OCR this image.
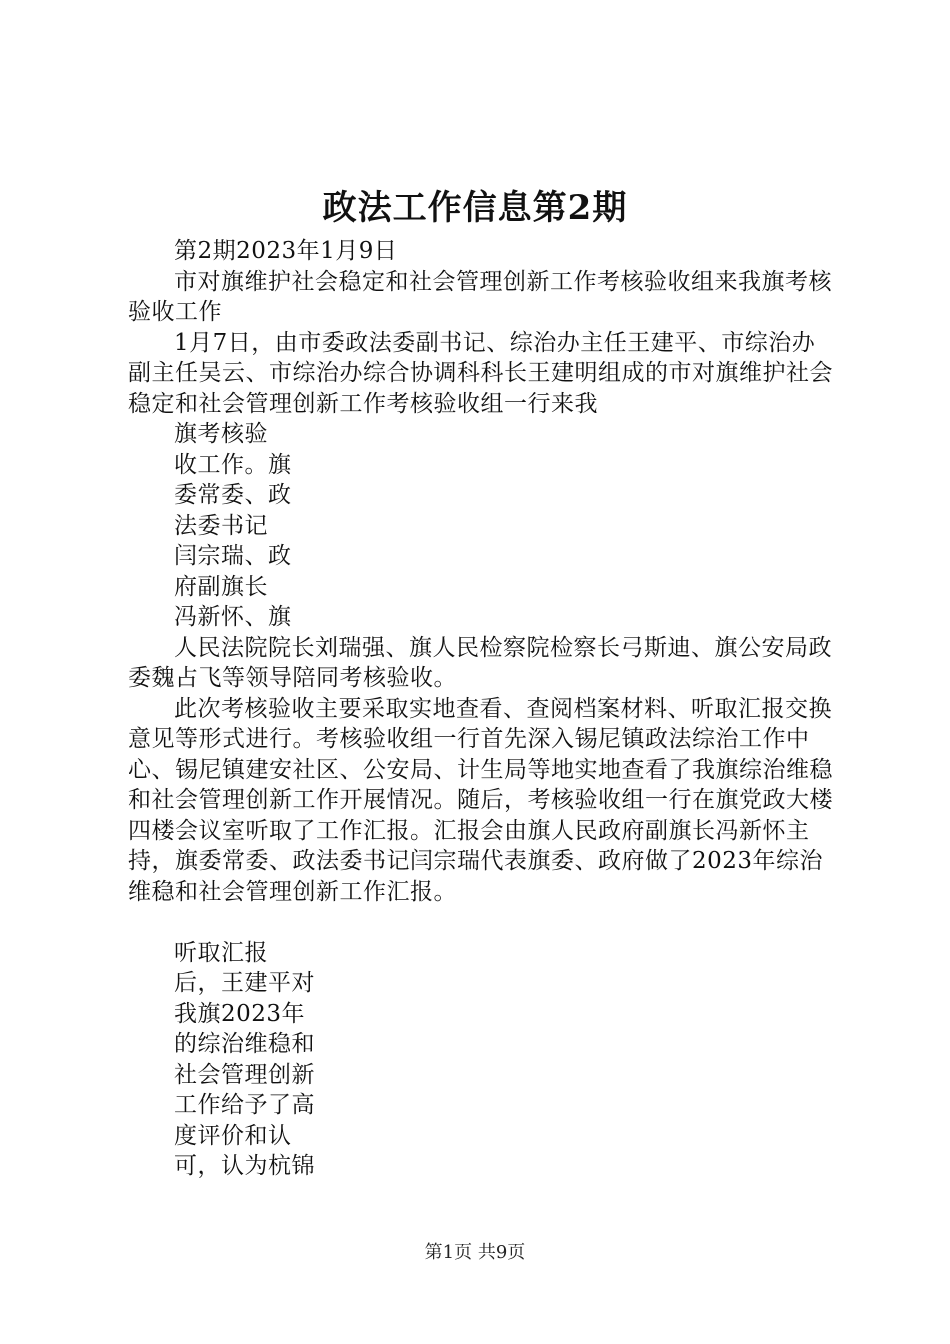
政法工作信息第2期

第2期2023年1月9日

市对旗维护社会稳定和社会管理创新工作考核验收组来我旗考核验收工作

1月7日，由市委政法委副书记、综治办主任王建平、市综治办副主任吴云、市综治办综合协调科科长王建明组成的市对旗维护社会稳定和社会管理创新工作考核验收组一行来我

旗考核验

收工作。旗

委常委、政

法委书记

闫宗瑞、政

府副旗长

冯新怀、旗

人民法院院长刘瑞强、旗人民检察院检察长弓斯迪、旗公安局政委魏占飞等领导陪同考核验收。

此次考核验收主要采取实地查看、查阅档案材料、听取汇报交换意见等形式进行。考核验收组一行首先深入锡尼镇政法综治工作中心、锡尼镇建安社区、公安局、计生局等地实地查看了我旗综治维稳和社会管理创新工作开展情况。随后，考核验收组一行在旗党政大楼四楼会议室听取了工作汇报。汇报会由旗人民政府副旗长冯新怀主持，旗委常委、政法委书记闫宗瑞代表旗委、政府做了2023年综治维稳和社会管理创新工作汇报。

听取汇报

后，王建平对

我旗2023年

的综治维稳和

社会管理创新

工作给予了高

度评价和认

可，认为杭锦

第1页 共9页
